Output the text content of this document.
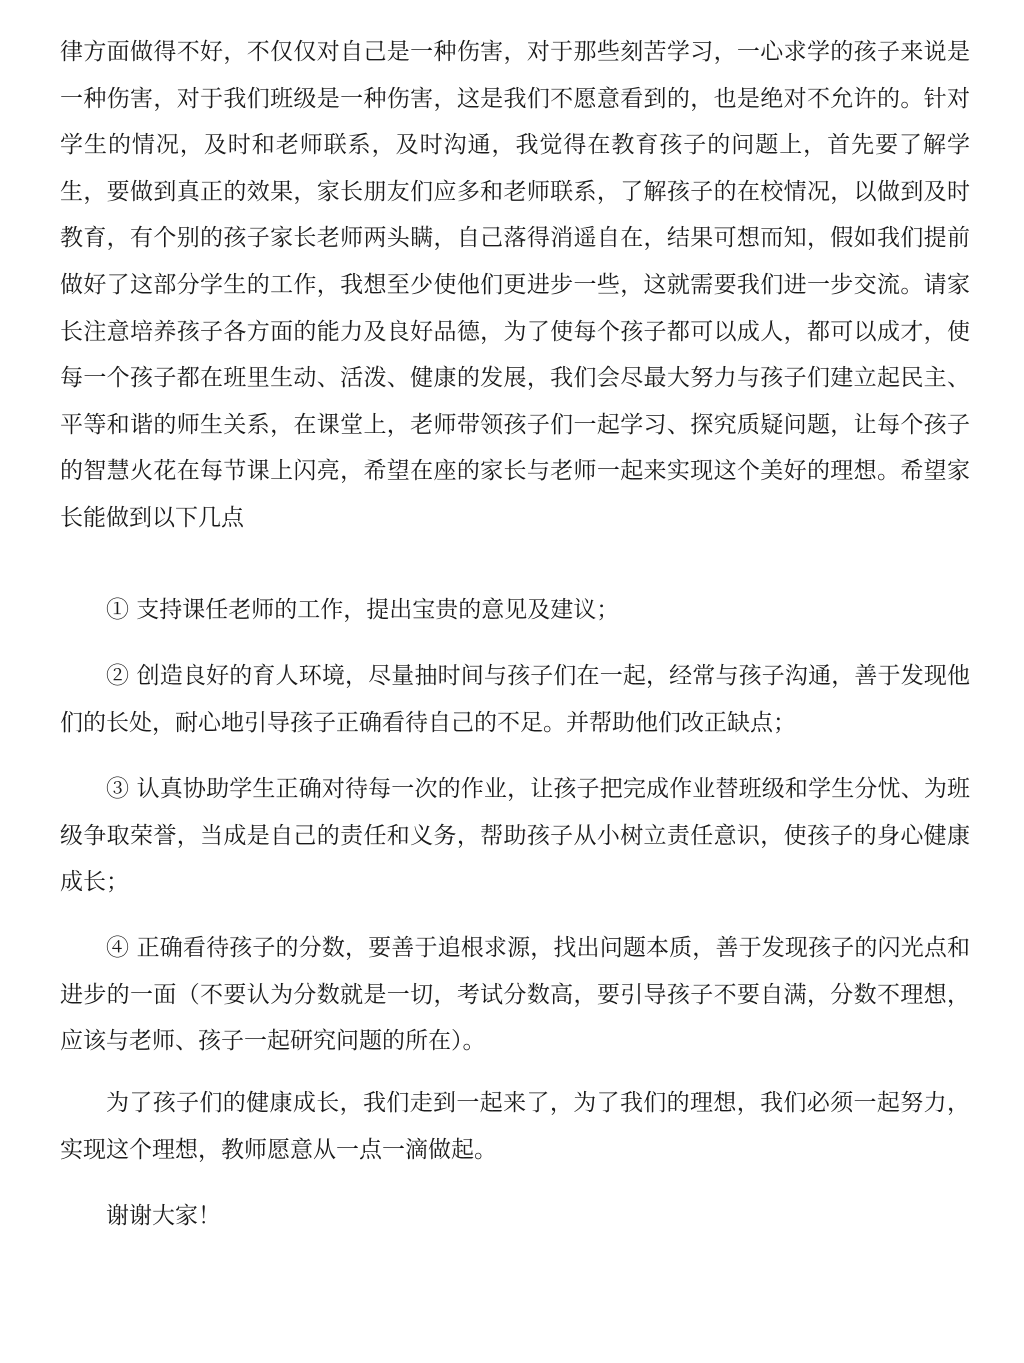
律方面做得不好，不仅仅对自己是一种伤害，对于那些刻苦学习，一心求学的孩子来说是一种伤害，对于我们班级是一种伤害，这是我们不愿意看到的，也是绝对不允许的。针对学生的情况，及时和老师联系，及时沟通，我觉得在教育孩子的问题上，首先要了解学生，要做到真正的效果，家长朋友们应多和老师联系，了解孩子的在校情况，以做到及时教育，有个别的孩子家长老师两头瞒，自己落得消遥自在，结果可想而知，假如我们提前做好了这部分学生的工作，我想至少使他们更进步一些，这就需要我们进一步交流。请家长注意培养孩子各方面的能力及良好品德，为了使每个孩子都可以成人，都可以成才，使每一个孩子都在班里生动、活泼、健康的发展，我们会尽最大努力与孩子们建立起民主、平等和谐的师生关系，在课堂上，老师带领孩子们一起学习、探究质疑问题，让每个孩子的智慧火花在每节课上闪亮，希望在座的家长与老师一起来实现这个美好的理想。希望家长能做到以下几点

① 支持课任老师的工作，提出宝贵的意见及建议；

② 创造良好的育人环境，尽量抽时间与孩子们在一起，经常与孩子沟通，善于发现他们的长处，耐心地引导孩子正确看待自己的不足。并帮助他们改正缺点；

③ 认真协助学生正确对待每一次的作业，让孩子把完成作业替班级和学生分忧、为班级争取荣誉，当成是自己的责任和义务，帮助孩子从小树立责任意识，使孩子的身心健康成长；

④ 正确看待孩子的分数，要善于追根求源，找出问题本质，善于发现孩子的闪光点和进步的一面（不要认为分数就是一切，考试分数高，要引导孩子不要自满，分数不理想，应该与老师、孩子一起研究问题的所在）。

为了孩子们的健康成长，我们走到一起来了，为了我们的理想，我们必须一起努力，实现这个理想，教师愿意从一点一滴做起。

谢谢大家！
